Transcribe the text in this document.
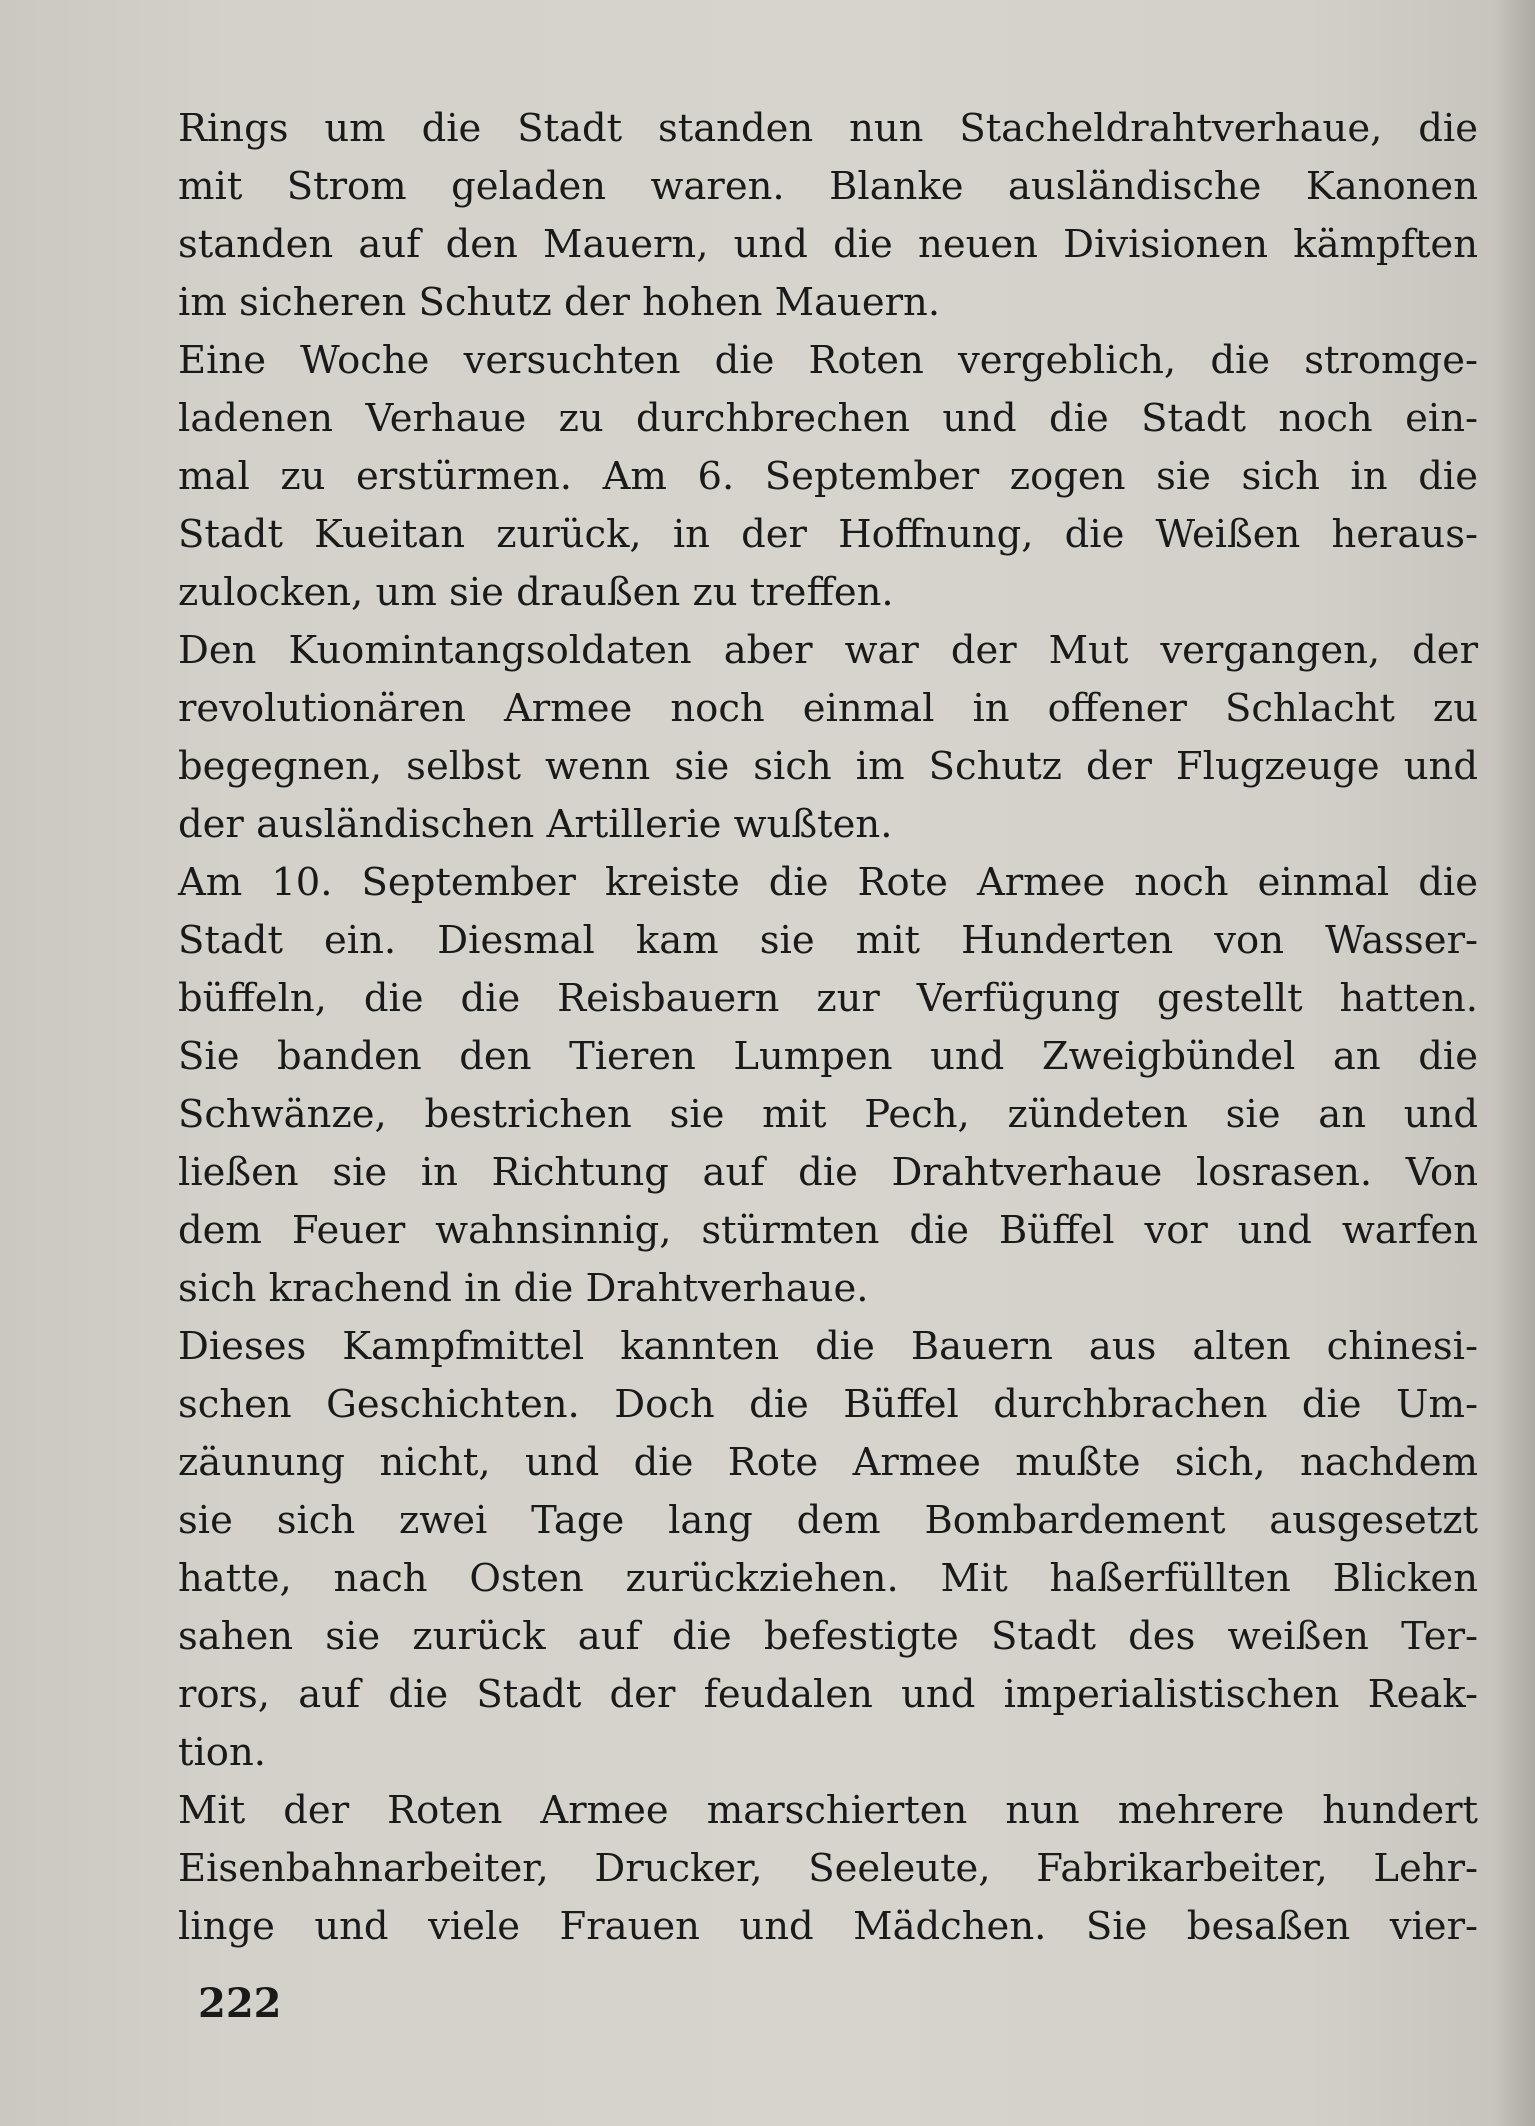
Rings um die Stadt standen nun Stacheldrahtverhaue, die
mit Strom geladen waren. Blanke ausländische Kanonen
standen auf den Mauern, und die neuen Divisionen kämpften
im sicheren Schutz der hohen Mauern.
Eine Woche versuchten die Roten vergeblich, die stromge-
ladenen Verhaue zu durchbrechen und die Stadt noch ein-
mal zu erstürmen. Am 6. September zogen sie sich in die
Stadt Kueitan zurück, in der Hoffnung, die Weißen heraus-
zulocken, um sie draußen zu treffen.
Den Kuomintangsoldaten aber war der Mut vergangen, der
revolutionären Armee noch einmal in offener Schlacht zu
begegnen, selbst wenn sie sich im Schutz der Flugzeuge und
der ausländischen Artillerie wußten.
Am 10. September kreiste die Rote Armee noch einmal die
Stadt ein. Diesmal kam sie mit Hunderten von Wasser-
büffeln, die die Reisbauern zur Verfügung gestellt hatten.
Sie banden den Tieren Lumpen und Zweigbündel an die
Schwänze, bestrichen sie mit Pech, zündeten sie an und
ließen sie in Richtung auf die Drahtverhaue losrasen. Von
dem Feuer wahnsinnig, stürmten die Büffel vor und warfen
sich krachend in die Drahtverhaue.
Dieses Kampfmittel kannten die Bauern aus alten chinesi-
schen Geschichten. Doch die Büffel durchbrachen die Um-
zäunung nicht, und die Rote Armee mußte sich, nachdem
sie sich zwei Tage lang dem Bombardement ausgesetzt
hatte, nach Osten zurückziehen. Mit haßerfüllten Blicken
sahen sie zurück auf die befestigte Stadt des weißen Ter-
rors, auf die Stadt der feudalen und imperialistischen Reak-
tion.
Mit der Roten Armee marschierten nun mehrere hundert
Eisenbahnarbeiter, Drucker, Seeleute, Fabrikarbeiter, Lehr-
linge und viele Frauen und Mädchen. Sie besaßen vier-
222
